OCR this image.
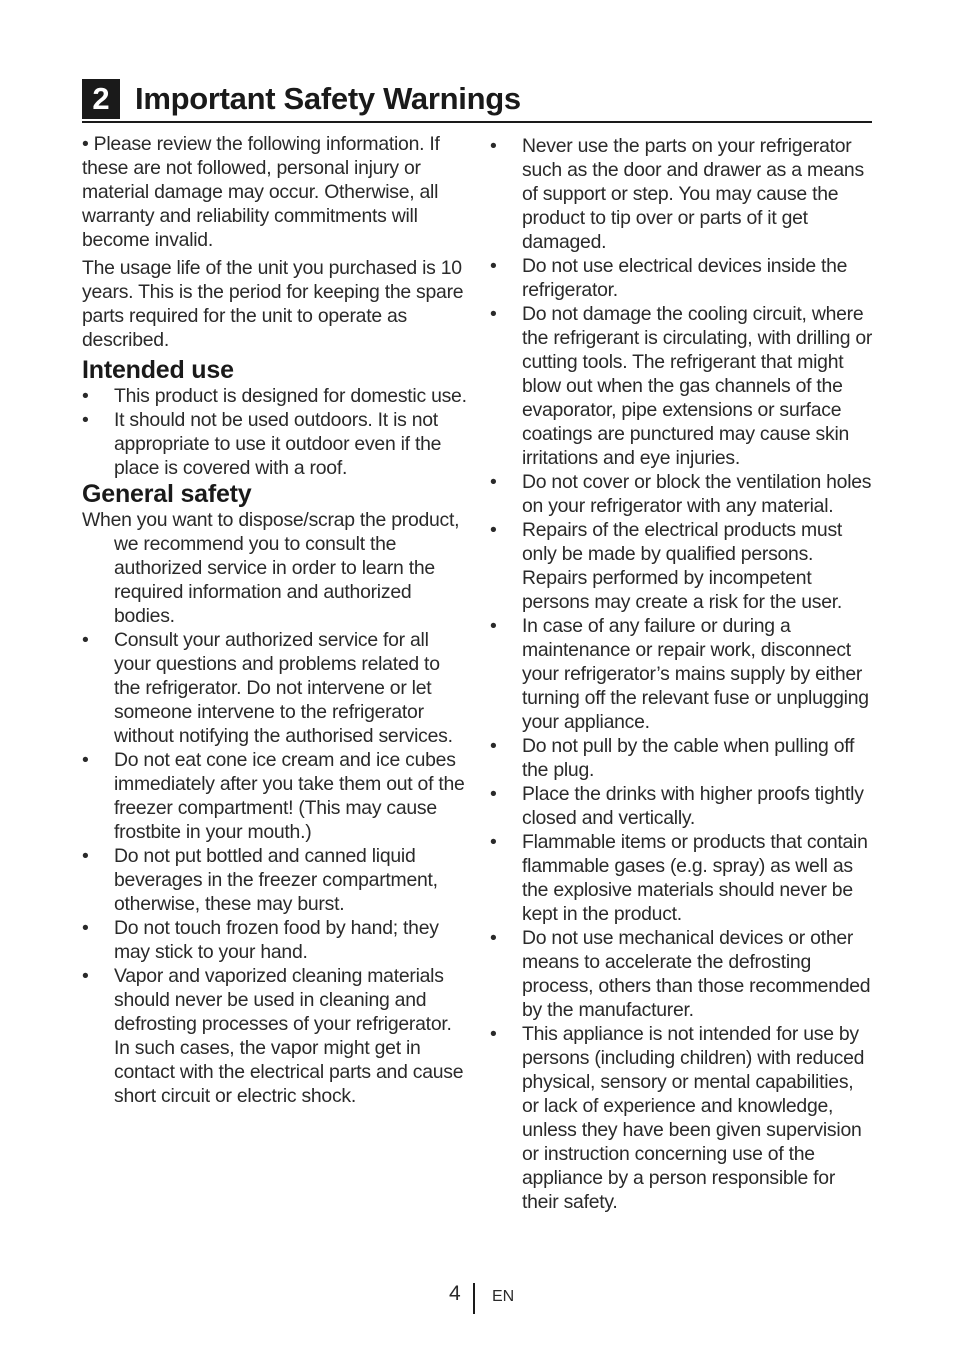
2 Important Safety Warnings

• Please review the following information. If these are not followed, personal injury or material damage may occur. Otherwise, all warranty and reliability commitments will become invalid.

The usage life of the unit you purchased is 10 years. This is the period for keeping the spare parts required for the unit to operate as described.

Intended use
•	This product is designed for domestic use.
•	It should not be used outdoors. It is not appropriate to use it outdoor even if the place is covered with a roof.
General safety

When you want to dispose/scrap the product, we recommend you to consult the authorized service in order to learn the required information and authorized bodies.

•	Consult your authorized service for all your questions and problems related to the refrigerator. Do not intervene or let someone intervene to the refrigerator without notifying the authorised services.
•	Do not eat cone ice cream and ice cubes immediately after you take them out of the freezer compartment! (This may cause frostbite in your mouth.)
•	Do not put bottled and canned liquid beverages in the freezer compartment, otherwise, these may burst.
•	Do not touch frozen food by hand; they may stick to your hand.
•	Vapor and vaporized cleaning materials should never be used in cleaning and defrosting processes of your refrigerator. In such cases, the vapor might get in contact with the electrical parts and cause short circuit or electric shock.
•	Never use the parts on your refrigerator such as the door and drawer as a means of support or step. You may cause the product to tip over or parts of it get damaged.
•	Do not use electrical devices inside the refrigerator.
•	Do not damage the cooling circuit, where the refrigerant is circulating, with drilling or cutting tools. The refrigerant that might blow out when the gas channels of the evaporator, pipe extensions or surface coatings are punctured may cause skin irritations and eye injuries.
•	Do not cover or block the ventilation holes on your refrigerator with any material.
•	Repairs of the electrical products must only be made by qualified persons. Repairs performed by incompetent persons may create a risk for the user.
•	In case of any failure or during a maintenance or repair work, disconnect your refrigerator’s mains supply by either turning off the relevant fuse or unplugging your appliance.
•	Do not pull by the cable when pulling off the plug.
•	Place the drinks with higher proofs tightly closed and vertically.
•	Flammable items or products that contain flammable gases (e.g. spray) as well as the explosive materials should never be kept in the product.
•	Do not use mechanical devices or other means to accelerate the defrosting process, others than those recommended by the manufacturer.
•	This appliance is not intended for use by persons (including children) with reduced physical, sensory or mental capabilities, or lack of experience and knowledge, unless they have been given supervision or instruction concerning use of the appliance by a person responsible for their safety.
4 EN
